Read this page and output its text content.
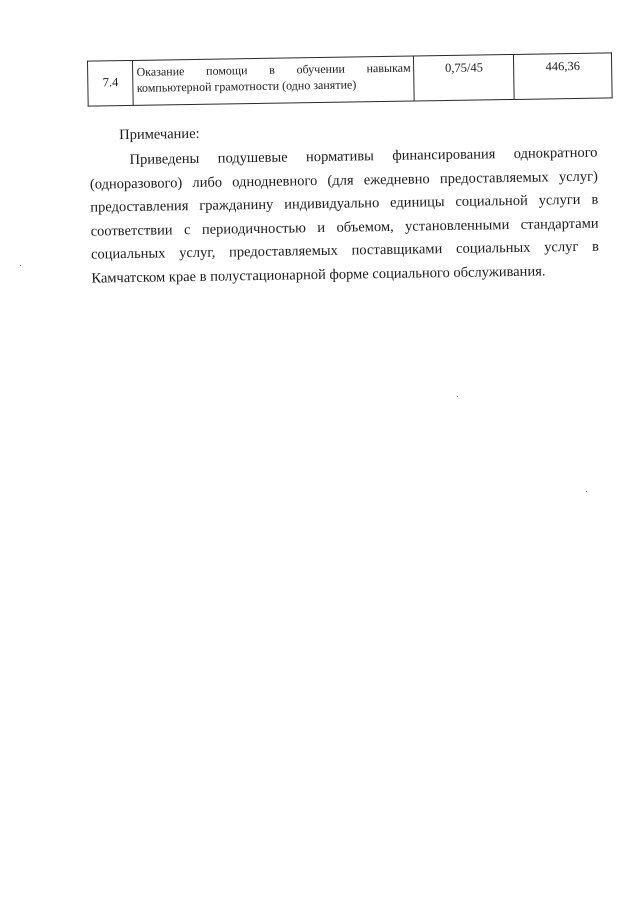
7.4	Оказание помощи в обучении навыкам компьютерной грамотности (одно занятие)	0,75/45	446,36
Примечание:

Приведены подушевые нормативы финансирования однократного (одноразового) либо однодневного (для ежедневно предоставляемых услуг) предоставления гражданину индивидуально единицы социальной услуги в соответствии с периодичностью и объемом, установленными стандартами социальных услуг, предоставляемых поставщиками социальных услуг в Камчатском крае в полустационарной форме социального обслуживания.
